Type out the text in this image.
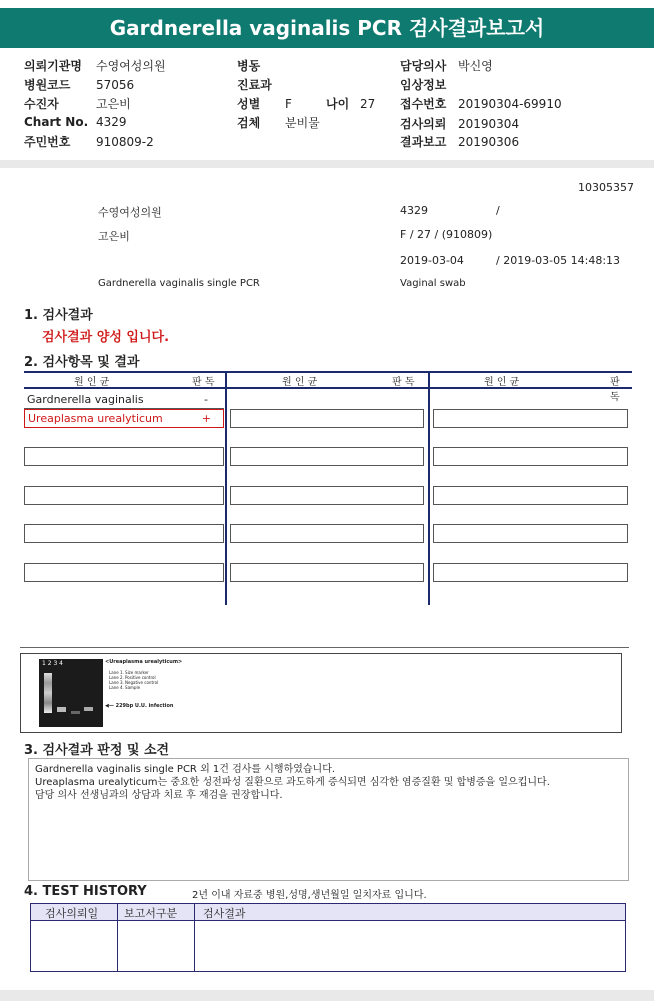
Gardnerella vaginalis PCR 검사결과보고서
의뢰기관명 수영여성의원
병원코드 57056
수진자	고은비
Chart No. 4329
주민번호 910809-2
병동
진료과
성별 F	나이 27
검체 분비물
담당의사 박신영
임상정보
접수번호 20190304-69910
검사의뢰 20190304
결과보고 20190306
10305357
수영여성의원	4329	/
고은비	F / 27 / (910809)
2019-03-04	/ 2019-03-05 14:48:13
Gardnerella vaginalis single PCR	Vaginal swab
1. 검사결과
검사결과 양성 입니다.
2. 검사항목 및 결과
원 인 균	판 독	원 인 균	판 독	원 인 균	판 독
Gardnerella vaginalis	-
Ureaplasma urealyticum	+
1 2 3 4	<Ureaplasma urealyticum>
Lane 1. Size marker
Lane 2. Positive control
Lane 3. Negative control
Lane 4. Sample
◀— 229bp U.U. infection
3. 검사결과 판정 및 소견
Gardnerella vaginalis single PCR 외 1건 검사를 시행하였습니다.
Ureaplasma urealyticum는 중요한 성전파성 질환으로 과도하게 증식되면 심각한 염증질환 및 합병증을 일으킵니다.
담당 의사 선생님과의 상담과 치료 후 재검을 권장합니다.
4. TEST HISTORY	2년 이내 자료중 병원,성명,생년월일 일치자료 입니다.
검사의뢰일 보고서구분 검사결과
